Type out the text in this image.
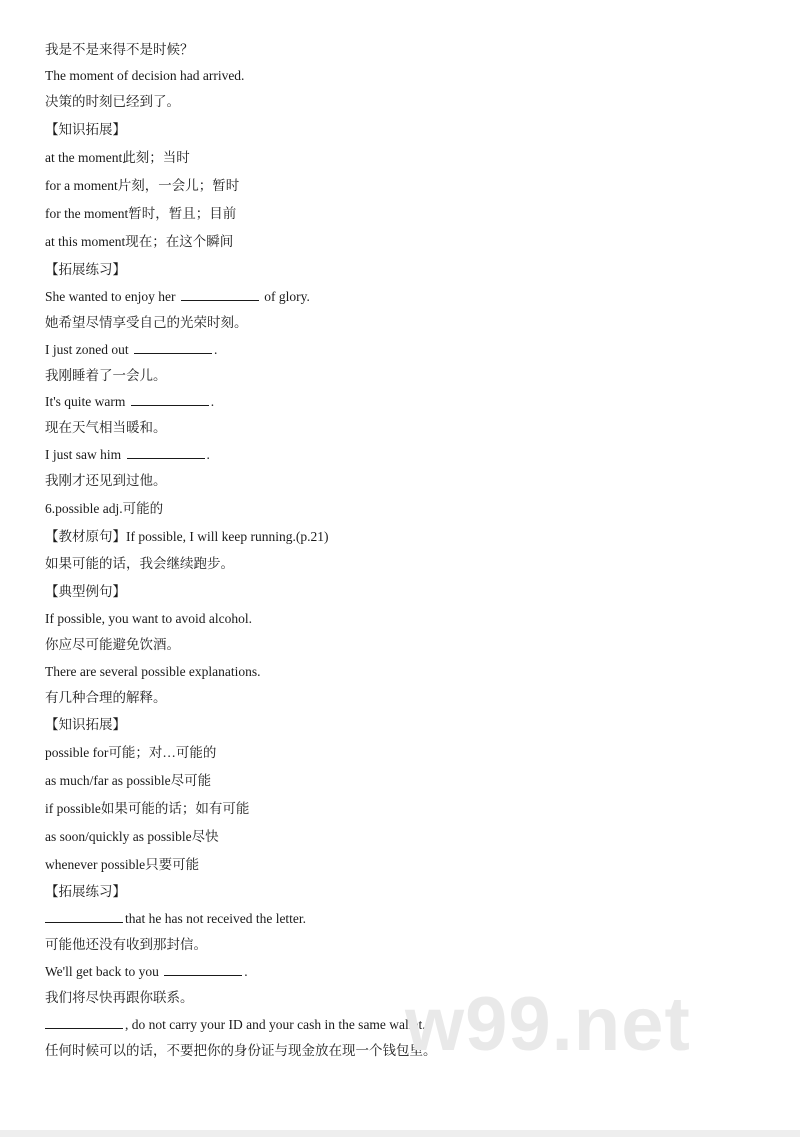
我是不是来得不是时候？
The moment of decision had arrived.
决策的时刻已经到了。
【知识拓展】
at the moment此刻；当时
for a moment片刻，一会儿；暂时
for the moment暂时，暂且；目前
at this moment现在；在这个瞬间
【拓展练习】
She wanted to enjoy her	of glory.
她希望尽情享受自己的光荣时刻。
I just zoned out	.
我刚睡着了一会儿。
It's quite warm	.
现在天气相当暖和。
I just saw him	.
我刚才还见到过他。
6.possible adj.可能的
【教材原句】If possible, I will keep running.(p.21)
如果可能的话，我会继续跑步。
【典型例句】
If possible, you want to avoid alcohol.
你应尽可能避免饮酒。
There are several possible explanations.
有几种合理的解释。
【知识拓展】
possible for可能；对…可能的
as much/far as possible尽可能
if possible如果可能的话；如有可能
as soon/quickly as possible尽快
whenever possible只要可能
【拓展练习】
that he has not received the letter.
可能他还没有收到那封信。
We'll get back to you	.
我们将尽快再跟你联系。
, do not carry your ID and your cash in the same wallet.
任何时候可以的话，不要把你的身份证与现金放在现一个钱包里。
w99.net
